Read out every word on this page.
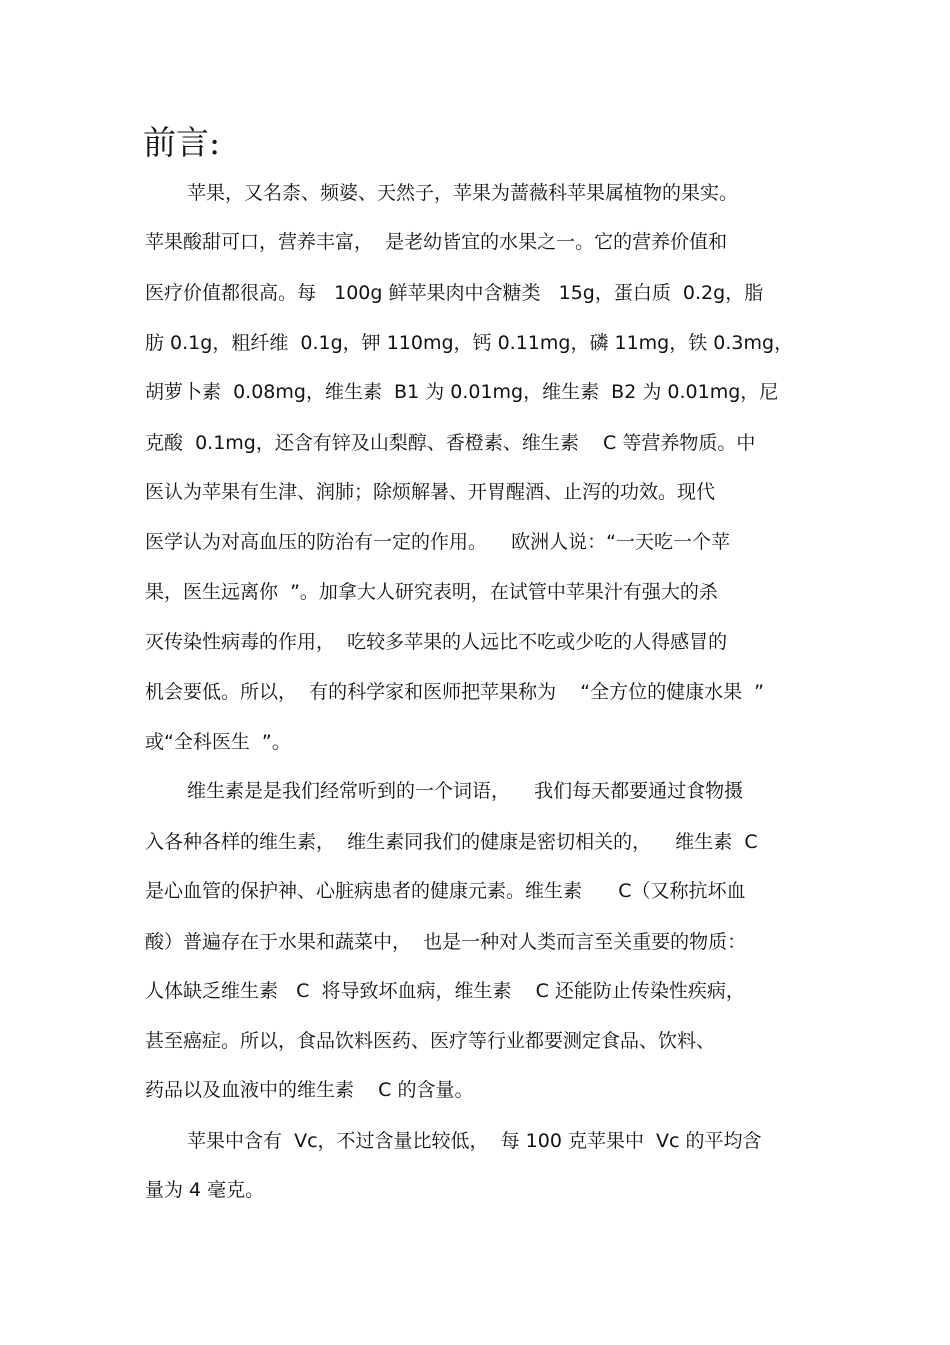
前言:
苹果，又名柰、频婆、天然子，苹果为蔷薇科苹果属植物的果实。
苹果酸甜可口，营养丰富，  是老幼皆宜的水果之一。它的营养价值和
医疗价值都很高。每   100g 鲜苹果肉中含糖类   15g，蛋白质  0.2g，脂
肪 0.1g，粗纤维  0.1g，钾 110mg，钙 0.11mg，磷 11mg，铁 0.3mg，
胡萝卜素  0.08mg，维生素  B1 为 0.01mg，维生素  B2 为 0.01mg，尼
克酸  0.1mg，还含有锌及山梨醇、香橙素、维生素    C 等营养物质。中
医认为苹果有生津、润肺；除烦解暑、开胃醒酒、止泻的功效。现代
医学认为对高血压的防治有一定的作用。    欧洲人说：“一天吃一个苹
果，医生远离你  ”。加拿大人研究表明，在试管中苹果汁有强大的杀
灭传染性病毒的作用，  吃较多苹果的人远比不吃或少吃的人得感冒的
机会要低。所以，  有的科学家和医师把苹果称为    “全方位的健康水果  ”
或“全科医生  ”。
维生素是是我们经常听到的一个词语，    我们每天都要通过食物摄
入各种各样的维生素，  维生素同我们的健康是密切相关的，    维生素  C
是心血管的保护神、心脏病患者的健康元素。维生素      C（又称抗坏血
酸）普遍存在于水果和蔬菜中，  也是一种对人类而言至关重要的物质：
人体缺乏维生素   C  将导致坏血病，维生素    C 还能防止传染性疾病，
甚至癌症。所以，食品饮料医药、医疗等行业都要测定食品、饮料、
药品以及血液中的维生素    C 的含量。
苹果中含有  Vc，不过含量比较低，  每 100 克苹果中  Vc 的平均含
量为 4 毫克。
